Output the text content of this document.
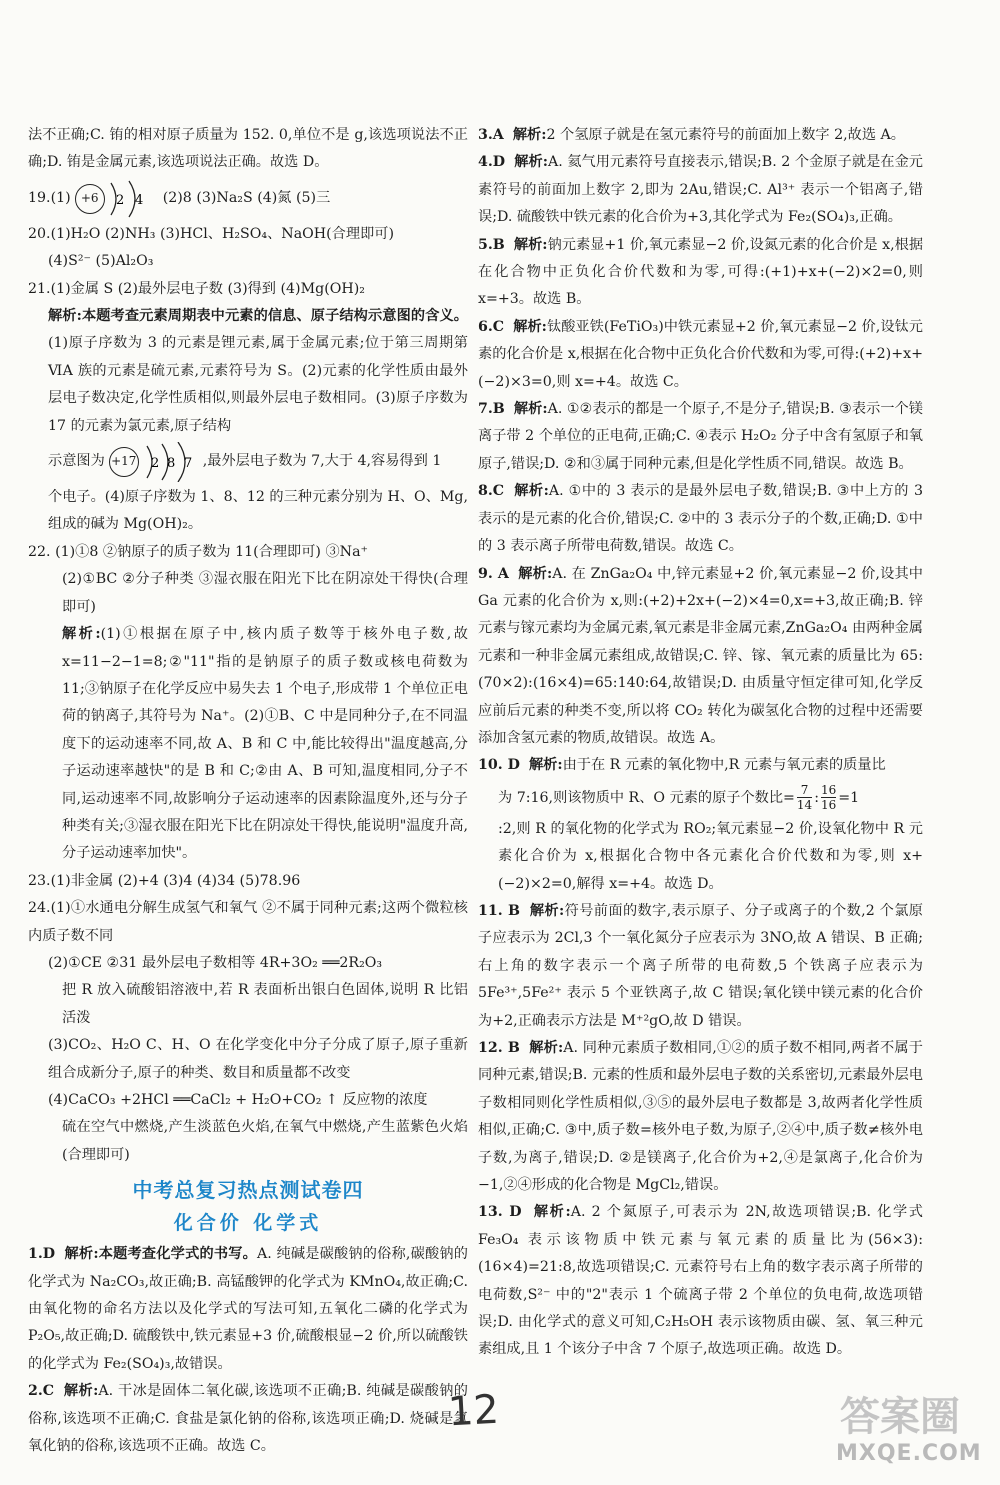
法不正确;C. 铕的相对原子质量为 152. 0,单位不是 g,该选项说法不正确;D. 铕是金属元素,该选项说法正确。故选 D。

19. (1) +6	2 4 (2)8 (3)Na₂S (4)氮 (5)三

20.(1)H₂O (2)NH₃ (3)HCl、H₂SO₄、NaOH(合理即可)

(4)S²⁻ (5)Al₂O₃

21.(1)金属 S (2)最外层电子数 (3)得到 (4)Mg(OH)₂

解析:本题考查元素周期表中元素的信息、原子结构示意图的含义。(1)原子序数为 3 的元素是锂元素,属于金属元素;位于第三周期第ⅥA 族的元素是硫元素,元素符号为 S。(2)元素的化学性质由最外层电子数决定,化学性质相似,则最外层电子数相同。(3)原子序数为 17 的元素为氯元素,原子结构

示意图为 +17 2 8 7 ,最外层电子数为 7,大于 4,容易得到 1

个电子。(4)原子序数为 1、8、12 的三种元素分别为 H、O、Mg,组成的碱为 Mg(OH)₂。

22. (1)①8 ②钠原子的质子数为 11(合理即可) ③Na⁺

(2)①BC ②分子种类 ③湿衣服在阳光下比在阴凉处干得快(合理即可)

解析:(1)①根据在原子中,核内质子数等于核外电子数,故 x=11−2−1=8;②"11"指的是钠原子的质子数或核电荷数为 11;③钠原子在化学反应中易失去 1 个电子,形成带 1 个单位正电荷的钠离子,其符号为 Na⁺。(2)①B、C 中是同种分子,在不同温度下的运动速率不同,故 A、B 和 C 中,能比较得出"温度越高,分子运动速率越快"的是 B 和 C;②由 A、B 可知,温度相同,分子不同,运动速率不同,故影响分子运动速率的因素除温度外,还与分子种类有关;③湿衣服在阳光下比在阴凉处干得快,能说明"温度升高,分子运动速率加快"。

23.(1)非金属 (2)+4 (3)4 (4)34 (5)78.96

24.(1)①水通电分解生成氢气和氧气 ②不属于同种元素;这两个微粒核内质子数不同

(2)①CE ②31 最外层电子数相等 4R+3O₂ ══2R₂O₃

把 R 放入硫酸铝溶液中,若 R 表面析出银白色固体,说明 R 比铝活泼

(3)CO₂、H₂O C、H、O 在化学变化中分子分成了原子,原子重新组合成新分子,原子的种类、数目和质量都不改变

(4)CaCO₃ +2HCl ══CaCl₂ + H₂O+CO₂ ↑ 反应物的浓度

硫在空气中燃烧,产生淡蓝色火焰,在氧气中燃烧,产生蓝紫色火焰(合理即可)

中考总复习热点测试卷四
化合价 化学式

1.D 解析:本题考查化学式的书写。A. 纯碱是碳酸钠的俗称,碳酸钠的化学式为 Na₂CO₃,故正确;B. 高锰酸钾的化学式为 KMnO₄,故正确;C. 由氧化物的命名方法以及化学式的写法可知,五氧化二磷的化学式为 P₂O₅,故正确;D. 硫酸铁中,铁元素显+3 价,硫酸根显−2 价,所以硫酸铁的化学式为 Fe₂(SO₄)₃,故错误。

2.C 解析:A. 干冰是固体二氧化碳,该选项不正确;B. 纯碱是碳酸钠的俗称,该选项不正确;C. 食盐是氯化钠的俗称,该选项正确;D. 烧碱是氢氧化钠的俗称,该选项不正确。故选 C。

3.A 解析:2 个氢原子就是在氢元素符号的前面加上数字 2,故选 A。

4.D 解析:A. 氦气用元素符号直接表示,错误;B. 2 个金原子就是在金元素符号的前面加上数字 2,即为 2Au,错误;C. Al³⁺ 表示一个铝离子,错误;D. 硫酸铁中铁元素的化合价为+3,其化学式为 Fe₂(SO₄)₃,正确。

5.B 解析:钠元素显+1 价,氧元素显−2 价,设氮元素的化合价是 x,根据在化合物中正负化合价代数和为零,可得:(+1)+x+(−2)×2=0,则 x=+3。故选 B。

6.C 解析:钛酸亚铁(FeTiO₃)中铁元素显+2 价,氧元素显−2 价,设钛元素的化合价是 x,根据在化合物中正负化合价代数和为零,可得:(+2)+x+(−2)×3=0,则 x=+4。故选 C。

7.B 解析:A. ①②表示的都是一个原子,不是分子,错误;B. ③表示一个镁离子带 2 个单位的正电荷,正确;C. ④表示 H₂O₂ 分子中含有氢原子和氧原子,错误;D. ②和③属于同种元素,但是化学性质不同,错误。故选 B。

8.C 解析:A. ①中的 3 表示的是最外层电子数,错误;B. ③中上方的 3 表示的是元素的化合价,错误;C. ②中的 3 表示分子的个数,正确;D. ①中的 3 表示离子所带电荷数,错误。故选 C。

9. A 解析:A. 在 ZnGa₂O₄ 中,锌元素显+2 价,氧元素显−2 价,设其中 Ga 元素的化合价为 x,则:(+2)+2x+(−2)×4=0,x=+3,故正确;B. 锌元素与镓元素均为金属元素,氧元素是非金属元素,ZnGa₂O₄ 由两种金属元素和一种非金属元素组成,故错误;C. 锌、镓、氧元素的质量比为 65:(70×2):(16×4)=65:140:64,故错误;D. 由质量守恒定律可知,化学反应前后元素的种类不变,所以将 CO₂ 转化为碳氢化合物的过程中还需要添加含氢元素的物质,故错误。故选 A。

10. D 解析:由于在 R 元素的氧化物中,R 元素与氧元素的质量比

为 7:16,则该物质中 R、O 元素的原子个数比= $\frac{7}{14}$ : $\frac{16}{16} =1$

:2,则 R 的氧化物的化学式为 RO₂;氧元素显−2 价,设氧化物中 R 元素化合价为 x,根据化合物中各元素化合价代数和为零,则 x+(−2)×2=0,解得 x=+4。故选 D。

11. B 解析:符号前面的数字,表示原子、分子或离子的个数,2 个氯原子应表示为 2Cl,3 个一氧化氮分子应表示为 3NO,故 A 错误、B 正确;右上角的数字表示一个离子所带的电荷数,5 个铁离子应表示为 5Fe³⁺,5Fe²⁺ 表示 5 个亚铁离子,故 C 错误;氧化镁中镁元素的化合价为+2,正确表示方法是 M⁺²gO,故 D 错误。

12. B 解析:A. 同种元素质子数相同,①②的质子数不相同,两者不属于同种元素,错误;B. 元素的性质和最外层电子数的关系密切,元素最外层电子数相同则化学性质相似,③⑤的最外层电子数都是 3,故两者化学性质相似,正确;C. ③中,质子数=核外电子数,为原子,②④中,质子数≠核外电子数,为离子,错误;D. ②是镁离子,化合价为+2,④是氯离子,化合价为−1,②④形成的化合物是 MgCl₂,错误。

13. D 解析:A. 2 个氮原子,可表示为 2N,故选项错误;B. 化学式 Fe₃O₄ 表示该物质中铁元素与氧元素的质量比为(56×3):(16×4)=21:8,故选项错误;C. 元素符号右上角的数字表示离子所带的电荷数,S²⁻ 中的"2"表示 1 个硫离子带 2 个单位的负电荷,故选项错误;D. 由化学式的意义可知,C₂H₅OH 表示该物质由碳、氢、氧三种元素组成,且 1 个该分子中含 7 个原子,故选项正确。故选 D。

12	答案圈
MXQE.COM
